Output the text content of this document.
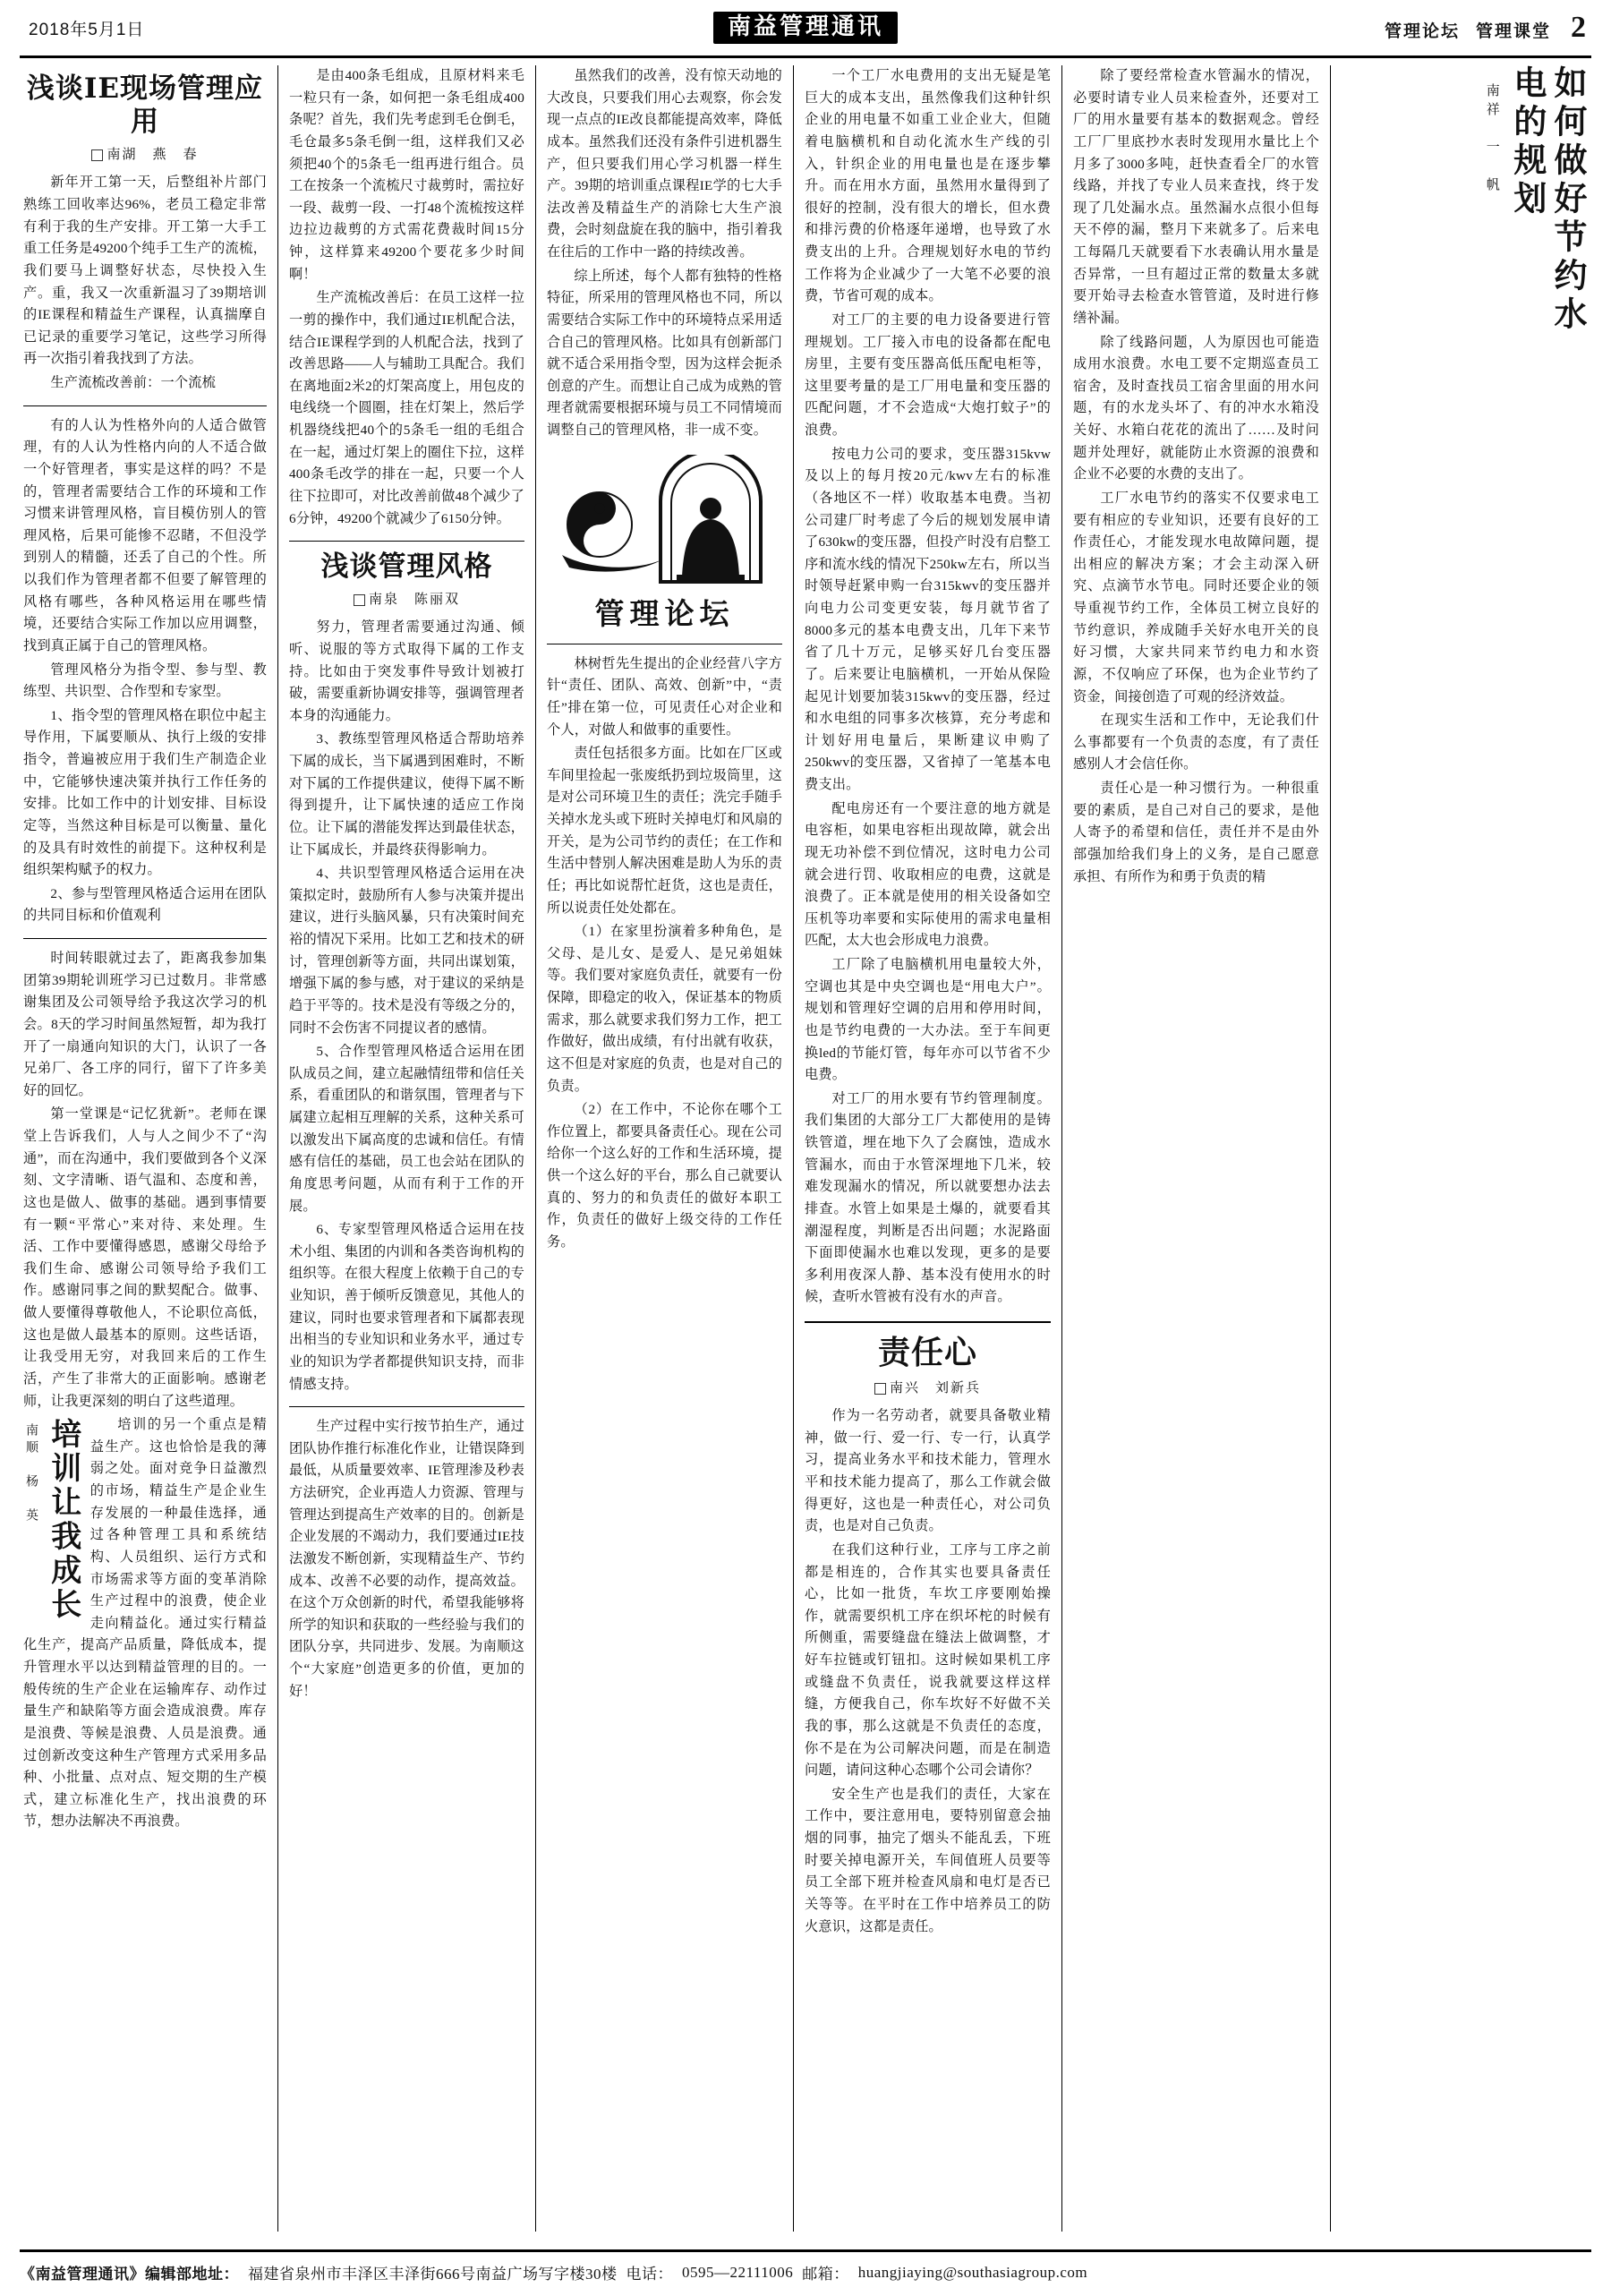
2018年5月1日	南益管理通讯	管理论坛 管理课堂 2
浅谈IE现场管理应用
南湖　燕　春

新年开工第一天，后整组补片部门熟练工回收率达96%，老员工稳定非常有利于我的生产安排。开工第一大手工重工任务是49200个纯手工生产的流梳，我们要马上调整好状态，尽快投入生产。重，我又一次重新温习了39期培训的IE课程和精益生产课程，认真揣摩自已记录的重要学习笔记，这些学习所得再一次指引着我找到了方法。

生产流梳改善前：一个流梳

有的人认为性格外向的人适合做管理，有的人认为性格内向的人不适合做一个好管理者，事实是这样的吗？不是的，管理者需要结合工作的环境和工作习惯来讲管理风格，盲目模仿别人的管理风格，后果可能惨不忍睹，不但没学到别人的精髓，还丢了自己的个性。所以我们作为管理者都不但要了解管理的风格有哪些，各种风格运用在哪些情境，还要结合实际工作加以应用调整，找到真正属于自己的管理风格。

管理风格分为指令型、参与型、教练型、共识型、合作型和专家型。

1、指令型的管理风格在职位中起主导作用，下属要顺从、执行上级的安排指令，普遍被应用于我们生产制造企业中，它能够快速决策并执行工作任务的安排。比如工作中的计划安排、目标设定等，当然这种目标是可以衡量、量化的及具有时效性的前提下。这种权利是组织架构赋予的权力。

2、参与型管理风格适合运用在团队的共同目标和价值观利

时间转眼就过去了，距离我参加集团第39期轮训班学习已过数月。非常感谢集团及公司领导给予我这次学习的机会。8天的学习时间虽然短暂，却为我打开了一扇通向知识的大门，认识了一各兄弟厂、各工序的同行，留下了许多美好的回忆。

第一堂课是“记忆犹新”。老师在课堂上告诉我们，人与人之间少不了“沟通”，而在沟通中，我们要做到各个义深刻、文字清晰、语气温和、态度和善，这也是做人、做事的基础。遇到事情要有一颗“平常心”来对待、来处理。生活、工作中要懂得感恩，感谢父母给予我们生命、感谢公司领导给予我们工作。感谢同事之间的默契配合。做事、做人要懂得尊敬他人，不论职位高低，这也是做人最基本的原则。这些话语，让我受用无穷，对我回来后的工作生活，产生了非常大的正面影响。感谢老师，让我更深刻的明白了这些道理。

培训让我成长
南顺　杨　英	培训的另一个重点是精益生产。这也恰恰是我的薄弱之处。面对竞争日益激烈的市场，精益生产是企业生存发展的一种最佳选择，通过各种管理工具和系统结构、人员组织、运行方式和市场需求等方面的变革消除生产过程中的浪费，使企业走向精益化。通过实行精益化生产，提高产品质量，降低成本，提升管理水平以达到精益管理的目的。一般传统的生产企业在运输库存、动作过量生产和缺陷等方面会造成浪费。库存是浪费、等候是浪费、人员是浪费。通过创新改变这种生产管理方式采用多品种、小批量、点对点、短交期的生产模式，建立标准化生产，找出浪费的环节，想办法解决不再浪费。

是由400条毛组成，且原材料来毛一粒只有一条，如何把一条毛组成400条呢？首先，我们先考虑到毛仓倒毛，毛仓最多5条毛倒一组，这样我们又必须把40个的5条毛一组再进行组合。员工在按条一个流梳尺寸裁剪时，需拉好一段、裁剪一段、一打48个流梳按这样边拉边裁剪的方式需花费裁时间15分钟，这样算来49200个要花多少时间啊！

生产流梳改善后：在员工这样一拉一剪的操作中，我们通过IE机配合法，结合IE课程学到的人机配合法，找到了改善思路——人与辅助工具配合。我们在离地面2米2的灯架高度上，用包皮的电线绕一个圆圈，挂在灯架上，然后学机器绕线把40个的5条毛一组的毛组合在一起，通过灯架上的圈住下拉，这样400条毛改学的排在一起，只要一个人往下拉即可，对比改善前做48个减少了6分钟，49200个就减少了6150分钟。

浅谈管理风格
南泉　陈丽双

努力，管理者需要通过沟通、倾听、说服的等方式取得下属的工作支持。比如由于突发事件导致计划被打破，需要重新协调安排等，强调管理者本身的沟通能力。

3、教练型管理风格适合帮助培养下属的成长，当下属遇到困难时，不断对下属的工作提供建议，使得下属不断得到提升，让下属快速的适应工作岗位。让下属的潜能发挥达到最佳状态，让下属成长，并最终获得影响力。

4、共识型管理风格适合运用在决策拟定时，鼓励所有人参与决策并提出建议，进行头脑风暴，只有决策时间充裕的情况下采用。比如工艺和技术的研讨，管理创新等方面，共同出谋划策，增强下属的参与感，对于建议的采纳是趋于平等的。技术是没有等级之分的，同时不会伤害不同提议者的感情。

5、合作型管理风格适合运用在团队成员之间，建立起融情纽带和信任关系，看重团队的和谐氛围，管理者与下属建立起相互理解的关系，这种关系可以激发出下属高度的忠诚和信任。有情感有信任的基础，员工也会站在团队的角度思考问题，从而有利于工作的开展。

6、专家型管理风格适合运用在技术小组、集团的内训和各类咨询机构的组织等。在很大程度上依赖于自己的专业知识，善于倾听反馈意见，其他人的建议，同时也要求管理者和下属都表现出相当的专业知识和业务水平，通过专业的知识为学者都提供知识支持，而非情感支持。

生产过程中实行按节拍生产，通过团队协作推行标准化作业，让错误降到最低，从质量要效率、IE管理渗及秒表方法研究，企业再造人力资源、管理与管理达到提高生产效率的目的。创新是企业发展的不竭动力，我们要通过IE技法激发不断创新，实现精益生产、节约成本、改善不必要的动作，提高效益。在这个万众创新的时代，希望我能够将所学的知识和获取的一些经验与我们的团队分享，共同进步、发展。为南顺这个“大家庭”创造更多的价值，更加的好！

虽然我们的改善，没有惊天动地的大改良，只要我们用心去观察，你会发现一点点的IE改良都能提高效率，降低成本。虽然我们还没有条件引进机器生产，但只要我们用心学习机器一样生产。39期的培训重点课程IE学的七大手法改善及精益生产的消除七大生产浪费，会时刻盘旋在我的脑中，指引着我在往后的工作中一路的持续改善。

综上所述，每个人都有独特的性格特征，所采用的管理风格也不同，所以需要结合实际工作中的环境特点采用适合自己的管理风格。比如具有创新部门就不适合采用指令型，因为这样会扼杀创意的产生。而想让自己成为成熟的管理者就需要根据环境与员工不同情境而调整自己的管理风格，非一成不变。

管理论坛

林树哲先生提出的企业经营八字方针“责任、团队、高效、创新”中，“责任”排在第一位，可见责任心对企业和个人，对做人和做事的重要性。

责任包括很多方面。比如在厂区或车间里捡起一张废纸扔到垃圾筒里，这是对公司环境卫生的责任；洗完手随手关掉水龙头或下班时关掉电灯和风扇的开关，是为公司节约的责任；在工作和生活中替别人解决困难是助人为乐的责任；再比如说帮忙赶货，这也是责任，所以说责任处处都在。

（1）在家里扮演着多种角色，是父母、是儿女、是爱人、是兄弟姐妹等。我们要对家庭负责任，就要有一份保障，即稳定的收入，保证基本的物质需求，那么就要求我们努力工作，把工作做好，做出成绩，有付出就有收获，这不但是对家庭的负责，也是对自己的负责。

（2）在工作中，不论你在哪个工作位置上，都要具备责任心。现在公司给你一个这么好的工作和生活环境，提供一个这么好的平台，那么自己就要认真的、努力的和负责任的做好本职工作，负责任的做好上级交待的工作任务。

一个工厂水电费用的支出无疑是笔巨大的成本支出，虽然像我们这种针织企业的用电量不如重工业企业大，但随着电脑横机和自动化流水生产线的引入，针织企业的用电量也是在逐步攀升。而在用水方面，虽然用水量得到了很好的控制，没有很大的增长，但水费和排污费的价格逐年递增，也导致了水费支出的上升。合理规划好水电的节约工作将为企业减少了一大笔不必要的浪费，节省可观的成本。

对工厂的主要的电力设备要进行管理规划。工厂接入市电的设备都在配电房里，主要有变压器高低压配电柜等，这里要考量的是工厂用电量和变压器的匹配问题，才不会造成“大炮打蚊子”的浪费。

按电力公司的要求，变压器315kvw及以上的每月按20元/kwv左右的标准（各地区不一样）收取基本电费。当初公司建厂时考虑了今后的规划发展申请了630kw的变压器，但投产时没有启整工序和流水线的情况下250kw左右，所以当时领导赶紧申购一台315kwv的变压器并向电力公司变更安装，每月就节省了8000多元的基本电费支出，几年下来节省了几十万元，足够买好几台变压器了。后来要让电脑横机，一开始从保险起见计划要加装315kwv的变压器，经过和水电组的同事多次核算，充分考虑和计划好用电量后，果断建议申购了250kwv的变压器，又省掉了一笔基本电费支出。

配电房还有一个要注意的地方就是电容柜，如果电容柜出现故障，就会出现无功补偿不到位情况，这时电力公司就会进行罚、收取相应的电费，这就是浪费了。正本就是使用的相关设备如空压机等功率要和实际使用的需求电量相匹配，太大也会形成电力浪费。

工厂除了电脑横机用电量较大外，空调也其是中央空调也是“用电大户”。规划和管理好空调的启用和停用时间，也是节约电费的一大办法。至于车间更换led的节能灯管，每年亦可以节省不少电费。

对工厂的用水要有节约管理制度。我们集团的大部分工厂大都使用的是铸铁管道，埋在地下久了会腐蚀，造成水管漏水，而由于水管深埋地下几米，较难发现漏水的情况，所以就要想办法去排查。水管上如果是土爆的，就要看其潮湿程度，判断是否出问题；水泥路面下面即使漏水也难以发现，更多的是要多利用夜深人静、基本没有使用水的时候，查听水管被有没有水的声音。

责任心
南兴　刘新兵

作为一名劳动者，就要具备敬业精神，做一行、爱一行、专一行，认真学习，提高业务水平和技术能力，管理水平和技术能力提高了，那么工作就会做得更好，这也是一种责任心，对公司负责，也是对自己负责。

在我们这种行业，工序与工序之前都是相连的，合作其实也要具备责任心，比如一批货，车坎工序要刚始操作，就需要织机工序在织坏柁的时候有所侧重，需要缝盘在缝法上做调整，才好车拉链或钉钮扣。这时候如果机工序或缝盘不负责任，说我就要这样这样缝，方便我自己，你车坎好不好做不关我的事，那么这就是不负责任的态度，你不是在为公司解决问题，而是在制造问题，请问这种心态哪个公司会请你？

安全生产也是我们的责任，大家在工作中，要注意用电，要特别留意会抽烟的同事，抽完了烟头不能乱丢，下班时要关掉电源开关，车间值班人员要等员工全部下班并检查风扇和电灯是否已关等等。在平时在工作中培养员工的防火意识，这都是责任。

除了要经常检查水管漏水的情况，必要时请专业人员来检查外，还要对工厂的用水量要有基本的数据观念。曾经工厂厂里底抄水表时发现用水量比上个月多了3000多吨，赶快查看全厂的水管线路，并找了专业人员来查找，终于发现了几处漏水点。虽然漏水点很小但每天不停的漏，整月下来就多了。后来电工每隔几天就要看下水表确认用水量是否异常，一旦有超过正常的数量太多就要开始寻去检查水管管道，及时进行修缮补漏。

除了线路问题，人为原因也可能造成用水浪费。水电工要不定期巡查员工宿舍，及时查找员工宿舍里面的用水问题，有的水龙头坏了、有的冲水水箱没关好、水箱白花花的流出了……及时问题并处理好，就能防止水资源的浪费和企业不必要的水费的支出了。

工厂水电节约的落实不仅要求电工要有相应的专业知识，还要有良好的工作责任心，才能发现水电故障问题，提出相应的解决方案；才会主动深入研究、点滴节水节电。同时还要企业的领导重视节约工作，全体员工树立良好的节约意识，养成随手关好水电开关的良好习惯，大家共同来节约电力和水资源，不仅响应了环保，也为企业节约了资金，间接创造了可观的经济效益。

在现实生活和工作中，无论我们什么事都要有一个负责的态度，有了责任感别人才会信任你。

责任心是一种习惯行为。一种很重要的素质，是自己对自己的要求，是他人寄予的希望和信任，责任并不是由外部强加给我们身上的义务，是自己愿意承担、有所作为和勇于负责的精

如何做好节约水电的规划
南祥　一　帆
《南益管理通讯》编辑部地址： 福建省泉州市丰泽区丰泽街666号南益广场写字楼30楼 电话： 0595—22111006 邮箱： huangjiaying@southasiagroup.com
